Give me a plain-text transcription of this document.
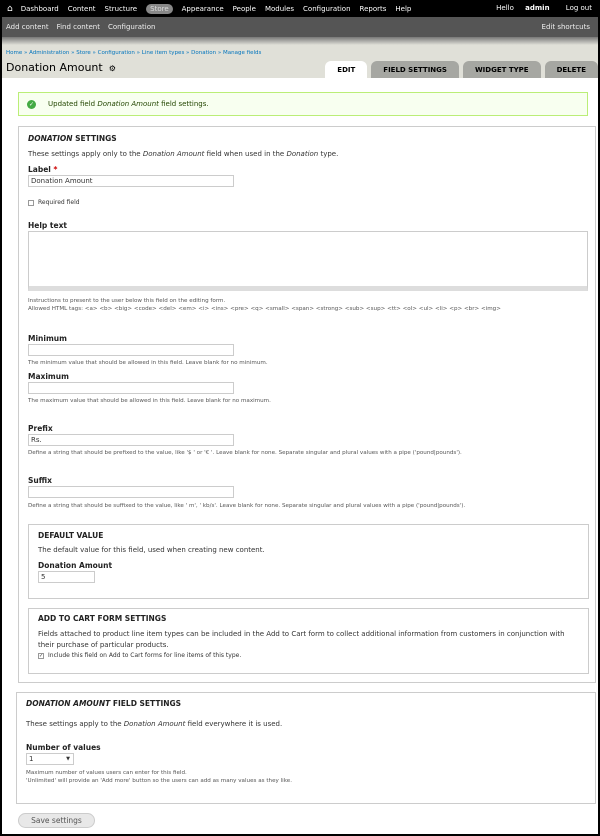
⌂ Dashboard Content Structure	Store	Appearance People Modules Configuration Reports Help	Hello admin Log out
Add content Find content Configuration	Edit shortcuts
Home » Administration » Store » Configuration » Line item types » Donation » Manage fields
Donation Amount ⚙	EDIT	FIELD SETTINGS	WIDGET TYPE	DELETE
✓ Updated field Donation Amount field settings.
DONATION SETTINGS
These settings apply only to the Donation Amount field when used in the Donation type.
Label *
Donation Amount
Required field
Help text
Instructions to present to the user below this field on the editing form.
Allowed HTML tags: <a> <b> <big> <code> <del> <em> <i> <ins> <pre> <q> <small> <span> <strong> <sub> <sup> <tt> <ol> <ul> <li> <p> <br> <img>
Minimum
The minimum value that should be allowed in this field. Leave blank for no minimum.
Maximum
The maximum value that should be allowed in this field. Leave blank for no maximum.
Prefix
Rs.
Define a string that should be prefixed to the value, like '$ ' or '€ '. Leave blank for none. Separate singular and plural values with a pipe ('pound|pounds').
Suffix
Define a string that should be suffixed to the value, like ' m', ' kb/s'. Leave blank for none. Separate singular and plural values with a pipe ('pound|pounds').
DEFAULT VALUE
The default value for this field, used when creating new content.
Donation Amount
5
ADD TO CART FORM SETTINGS
Fields attached to product line item types can be included in the Add to Cart form to collect additional information from customers in conjunction with their purchase of particular products.
✓ Include this field on Add to Cart forms for line items of this type.
DONATION AMOUNT FIELD SETTINGS
These settings apply to the Donation Amount field everywhere it is used.
Number of values
1	▼
Maximum number of values users can enter for this field.
'Unlimited' will provide an 'Add more' button so the users can add as many values as they like.
Save settings
